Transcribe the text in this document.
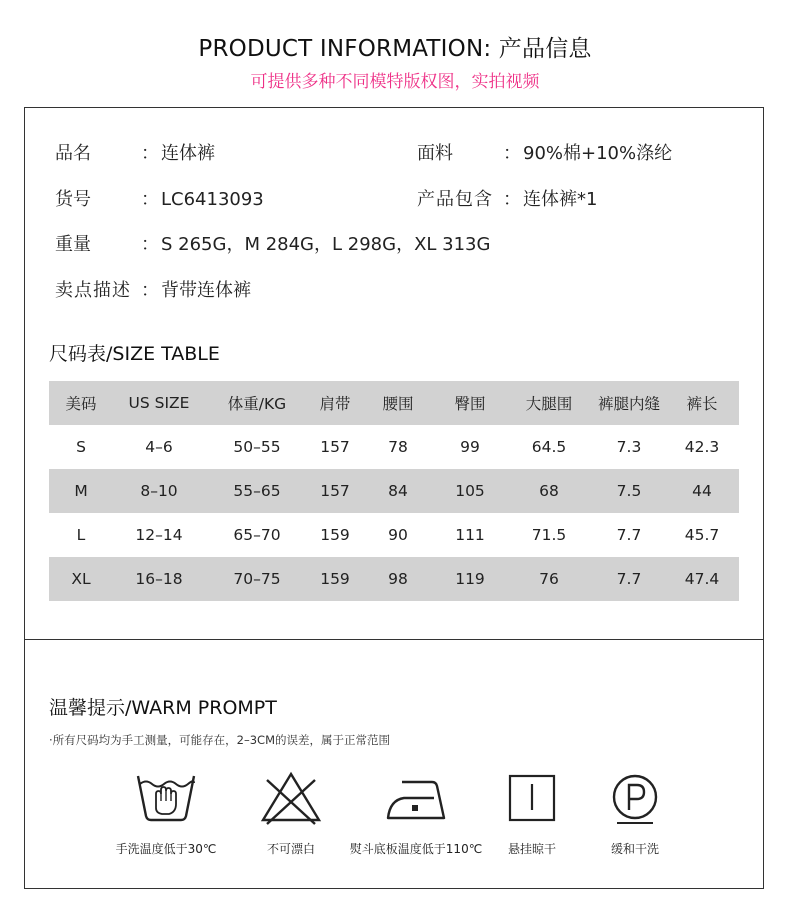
PRODUCT INFORMATION: 产品信息
可提供多种不同模特版权图，实拍视频
品名	： 连体裤	面料	： 90%棉+10%涤纶
货号	： LC6413093	产品包含 ： 连体裤*1
重量	： S 265G，M 284G，L 298G，XL 313G
卖点描述 ： 背带连体裤
尺码表/SIZE TABLE
美码	US SIZE	体重/KG	肩带	腰围	臀围	大腿围	裤腿内缝	裤长
S	4–6	50–55	157	78	99	64.5	7.3	42.3
M	8–10	55–65	157	84	105	68	7.5	44
L	12–14	65–70	159	90	111	71.5	7.7	45.7
XL	16–18	70–75	159	98	119	76	7.7	47.4
温馨提示/WARM PROMPT
·所有尺码均为手工测量，可能存在，2–3CM的误差，属于正常范围
手洗温度低于30℃	不可漂白	熨斗底板温度低于110℃	悬挂晾干	缓和干洗
